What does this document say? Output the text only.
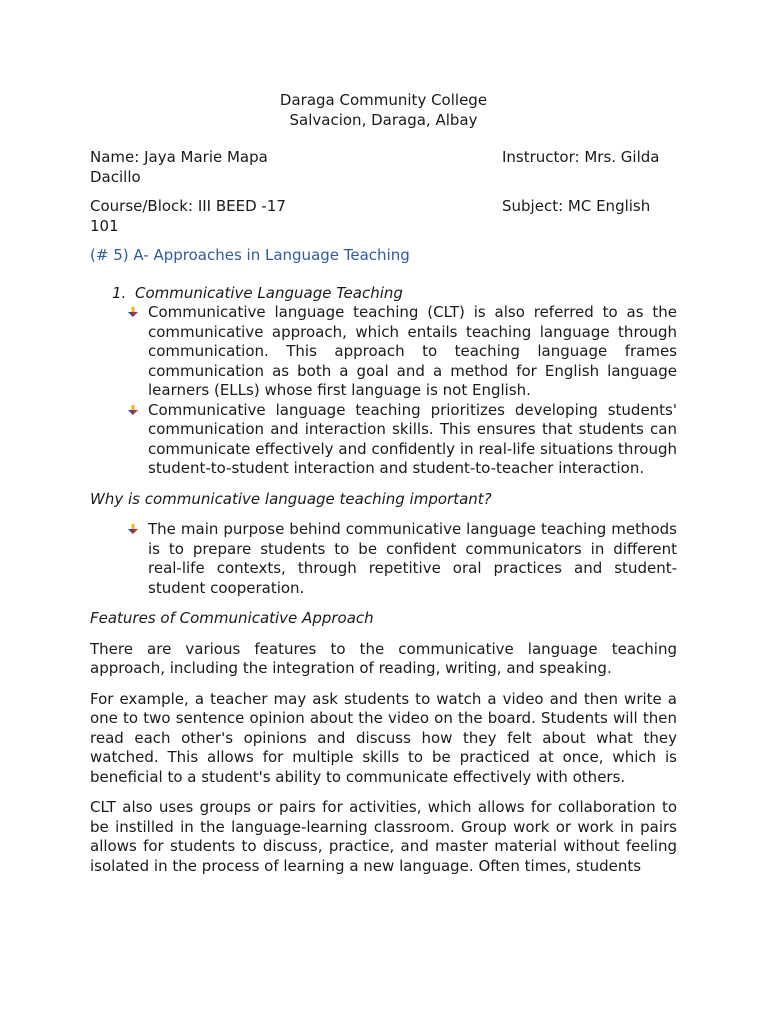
Daraga Community College
Salvacion, Daraga, Albay
Name: Jaya Marie Mapa
Dacillo
Instructor: Mrs. Gilda
Course/Block: III BEED -17
101
Subject: MC English
(# 5) A- Approaches in Language Teaching
1. Communicative Language Teaching
Communicative language teaching (CLT) is also referred to as the communicative approach, which entails teaching language through communication. This approach to teaching language frames communication as both a goal and a method for English language learners (ELLs) whose first language is not English.
Communicative language teaching prioritizes developing students' communication and interaction skills. This ensures that students can communicate effectively and confidently in real-life situations through student-to-student interaction and student-to-teacher interaction.
Why is communicative language teaching important?
The main purpose behind communicative language teaching methods is to prepare students to be confident communicators in different real-life contexts, through repetitive oral practices and student-student cooperation.
Features of Communicative Approach

There are various features to the communicative language teaching approach, including the integration of reading, writing, and speaking.

For example, a teacher may ask students to watch a video and then write a one to two sentence opinion about the video on the board. Students will then read each other's opinions and discuss how they felt about what they watched. This allows for multiple skills to be practiced at once, which is beneficial to a student's ability to communicate effectively with others.

CLT also uses groups or pairs for activities, which allows for collaboration to be instilled in the language-learning classroom. Group work or work in pairs allows for students to discuss, practice, and master material without feeling isolated in the process of learning a new language. Often times, students
